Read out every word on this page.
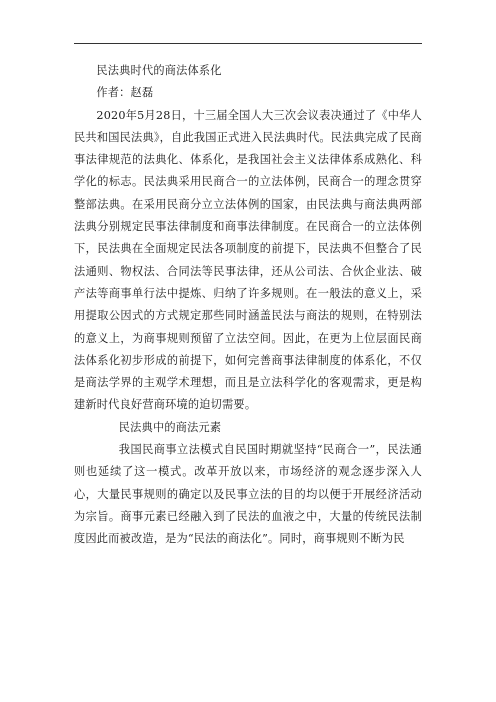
民法典时代的商法体系化

作者：赵磊

2020年5月28日，十三届全国人大三次会议表决通过了《中华人民共和国民法典》，自此我国正式进入民法典时代。民法典完成了民商事法律规范的法典化、体系化，是我国社会主义法律体系成熟化、科学化的标志。民法典采用民商合一的立法体例，民商合一的理念贯穿整部法典。在采用民商分立立法体例的国家，由民法典与商法典两部法典分别规定民事法律制度和商事法律制度。在民商合一的立法体例下，民法典在全面规定民法各项制度的前提下，民法典不但整合了民法通则、物权法、合同法等民事法律，还从公司法、合伙企业法、破产法等商事单行法中提炼、归纳了许多规则。在一般法的意义上，采用提取公因式的方式规定那些同时涵盖民法与商法的规则，在特别法的意义上，为商事规则预留了立法空间。因此，在更为上位层面民商法体系化初步形成的前提下，如何完善商事法律制度的体系化，不仅是商法学界的主观学术理想，而且是立法科学化的客观需求，更是构建新时代良好营商环境的迫切需要。

民法典中的商法元素

我国民商事立法模式自民国时期就坚持“民商合一”，民法通则也延续了这一模式。改革开放以来，市场经济的观念逐步深入人心，大量民事规则的确定以及民事立法的目的均以便于开展经济活动为宗旨。商事元素已经融入到了民法的血液之中，大量的传统民法制度因此而被改造，是为“民法的商法化”。同时，商事规则不断为民
